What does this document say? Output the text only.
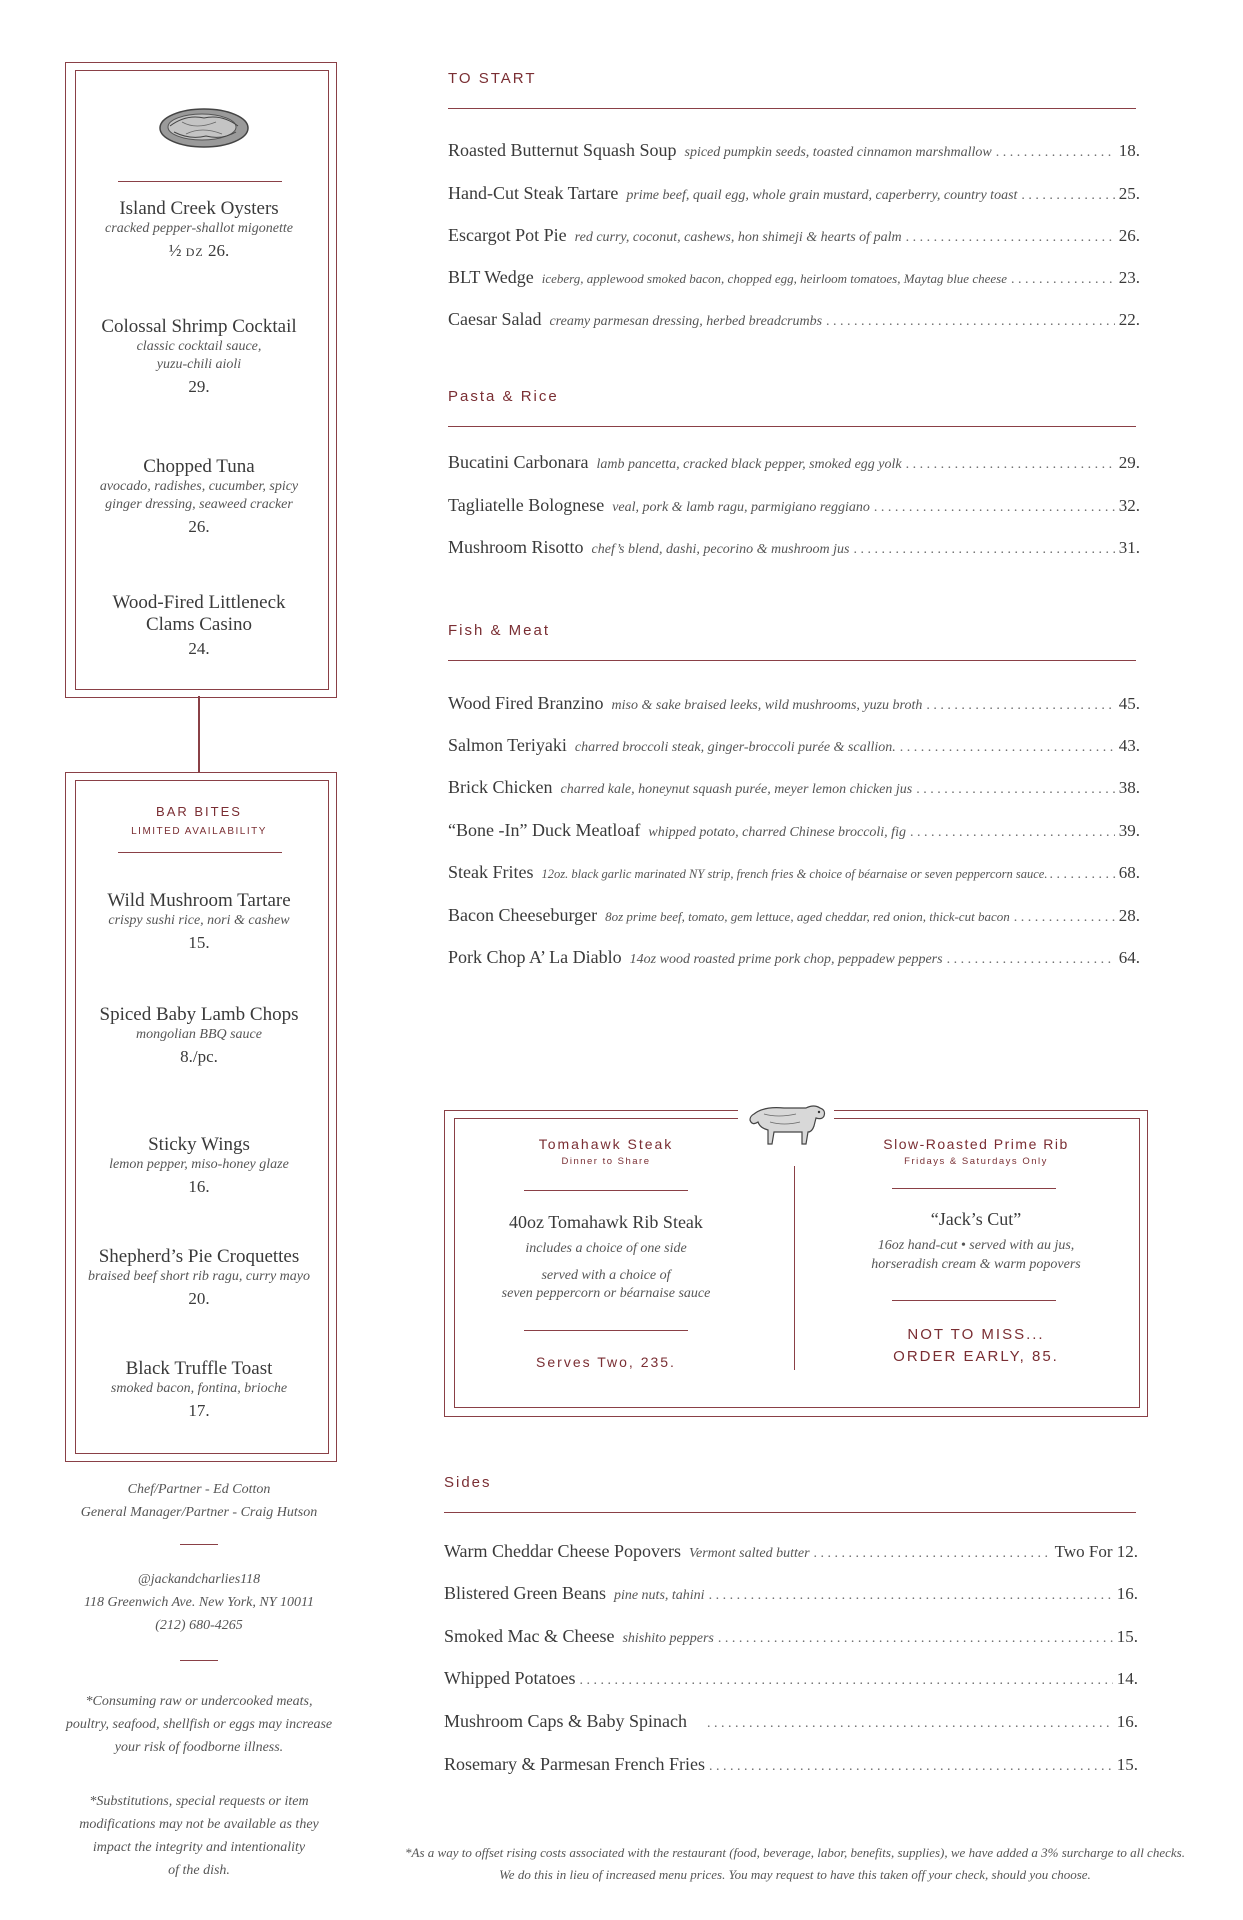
Island Creek Oysters
cracked pepper-shallot migonette
½ DZ 26.
Colossal Shrimp Cocktail
classic cocktail sauce,
yuzu-chili aioli
29.
Chopped Tuna
avocado, radishes, cucumber, spicy
ginger dressing, seaweed cracker
26.
Wood-Fired Littleneck
Clams Casino
24.
BAR BITES
LIMITED AVAILABILITY
Wild Mushroom Tartare
crispy sushi rice, nori & cashew
15.
Spiced Baby Lamb Chops
mongolian BBQ sauce
8./pc.
Sticky Wings
lemon pepper, miso-honey glaze
16.
Shepherd’s Pie Croquettes
braised beef short rib ragu, curry mayo
20.
Black Truffle Toast
smoked bacon, fontina, brioche
17.
Chef/Partner - Ed Cotton
General Manager/Partner - Craig Hutson
@jackandcharlies118
118 Greenwich Ave. New York, NY 10011
(212) 680-4265
*Consuming raw or undercooked meats,
poultry, seafood, shellfish or eggs may increase
your risk of foodborne illness.
*Substitutions, special requests or item
modifications may not be available as they
impact the integrity and intentionality
of the dish.
TO START
Roasted Butternut Squash Soup spiced pumpkin seeds, toasted cinnamon marshmallow . . .	18.
Hand-Cut Steak Tartare prime beef, quail egg, whole grain mustard, caperberry, country toast . . .	25.
Escargot Pot Pie red curry, coconut, cashews, hon shimeji & hearts of palm . . .	26.
BLT Wedge iceberg, applewood smoked bacon, chopped egg, heirloom tomatoes, Maytag blue cheese . . .	23.
Caesar Salad creamy parmesan dressing, herbed breadcrumbs . . .	22.
Pasta & Rice
Bucatini Carbonara lamb pancetta, cracked black pepper, smoked egg yolk . . .	29.
Tagliatelle Bolognese veal, pork & lamb ragu, parmigiano reggiano . . .	32.
Mushroom Risotto chef’s blend, dashi, pecorino & mushroom jus . . .	31.
Fish & Meat
Wood Fired Branzino miso & sake braised leeks, wild mushrooms, yuzu broth . . .	45.
Salmon Teriyaki charred broccoli steak, ginger-broccoli purée & scallion. . . .	43.
Brick Chicken charred kale, honeynut squash purée, meyer lemon chicken jus . . .	38.
“Bone -In” Duck Meatloaf whipped potato, charred Chinese broccoli, fig . . .	39.
Steak Frites 12oz. black garlic marinated NY strip, french fries & choice of béarnaise or seven peppercorn sauce. . . .	68.
Bacon Cheeseburger 8oz prime beef, tomato, gem lettuce, aged cheddar, red onion, thick-cut bacon . . .	28.
Pork Chop A’ La Diablo 14oz wood roasted prime pork chop, peppadew peppers . . .	64.
Tomahawk Steak
Dinner to Share
40oz Tomahawk Rib Steak
includes a choice of one side
served with a choice of
seven peppercorn or béarnaise sauce
Serves Two, 235.
Slow-Roasted Prime Rib
Fridays & Saturdays Only
“Jack’s Cut”
16oz hand-cut • served with au jus,
horseradish cream & warm popovers
NOT TO MISS...
ORDER EARLY, 85.
Sides
Warm Cheddar Cheese Popovers Vermont salted butter . . .	Two For 12.
Blistered Green Beans pine nuts, tahini . . .	16.
Smoked Mac & Cheese shishito peppers . . .	15.
Whipped Potatoes . . .	14.
Mushroom Caps & Baby Spinach . . .	16.
Rosemary & Parmesan French Fries . . .	15.
*As a way to offset rising costs associated with the restaurant (food, beverage, labor, benefits, supplies), we have added a 3% surcharge to all checks.
We do this in lieu of increased menu prices. You may request to have this taken off your check, should you choose.
